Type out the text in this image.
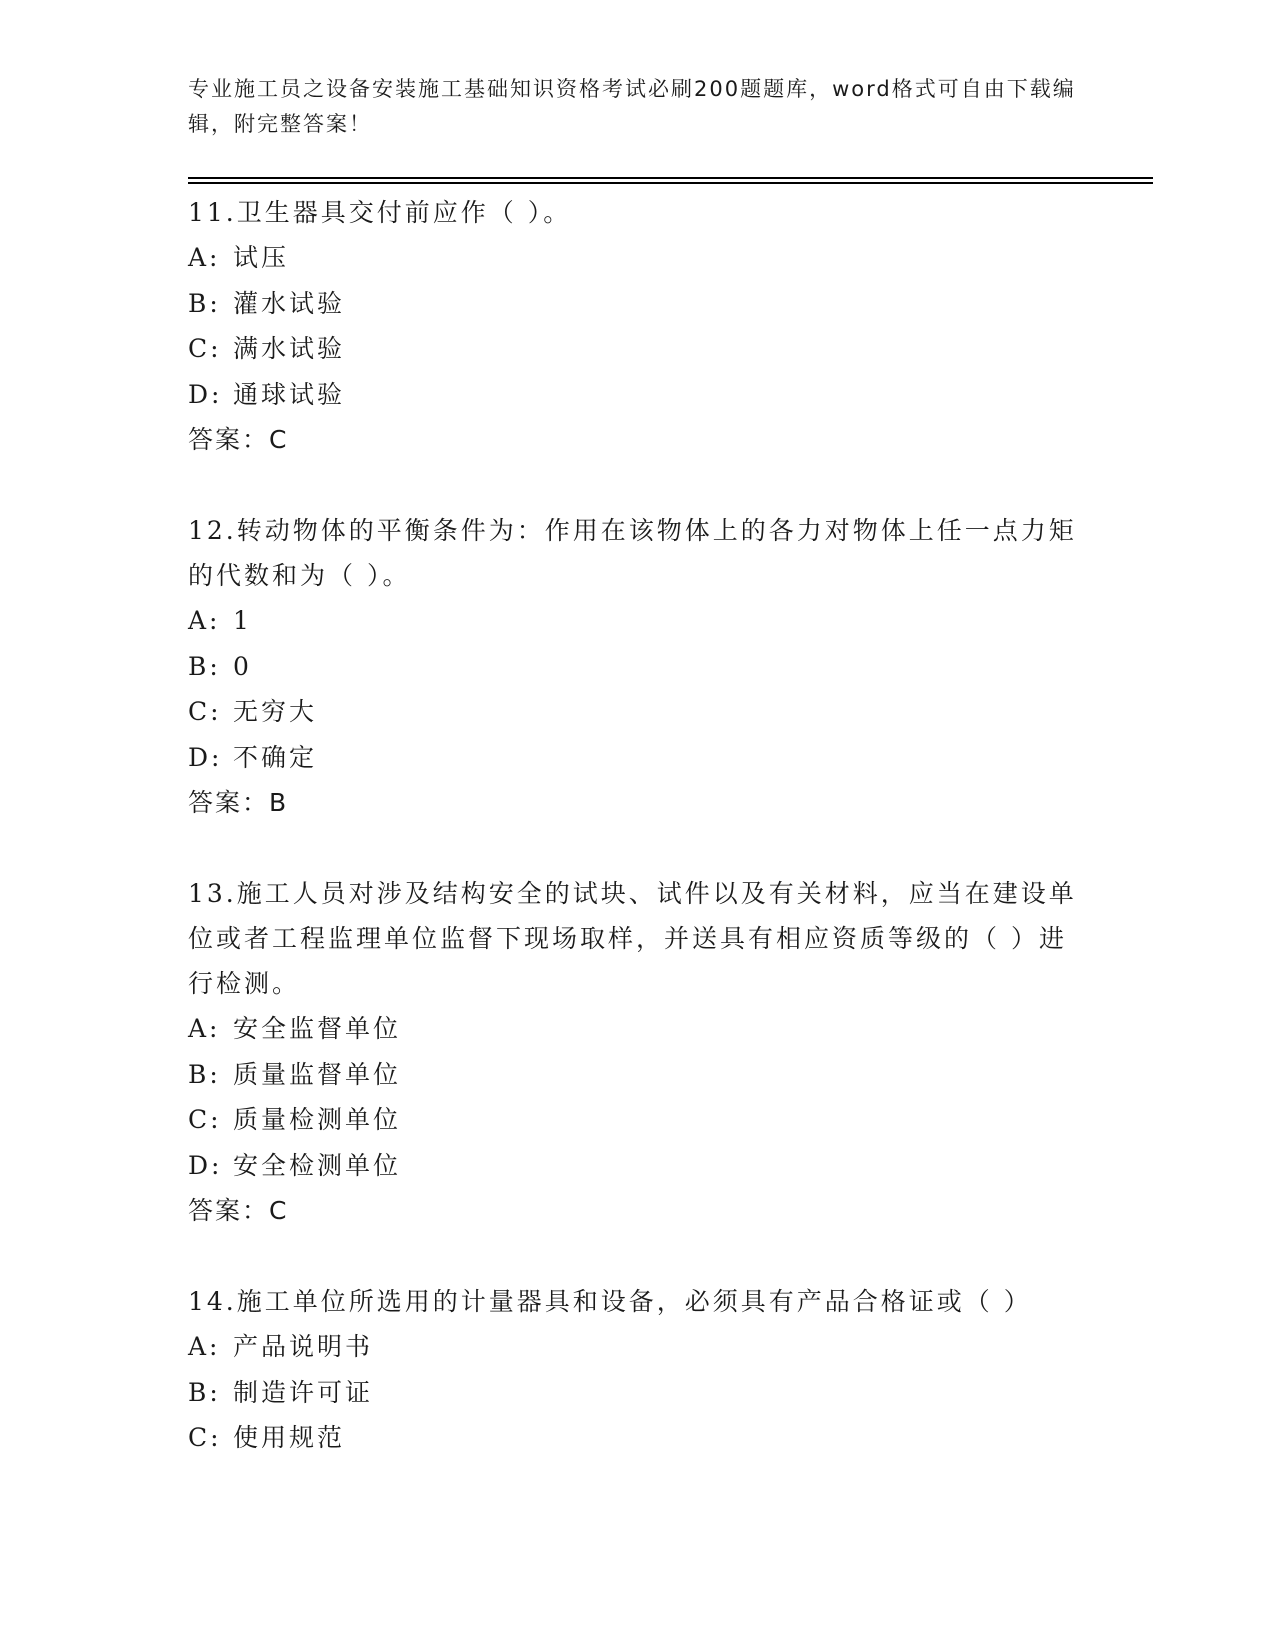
专业施工员之设备安装施工基础知识资格考试必刷200题题库，word格式可自由下载编辑，附完整答案！
11.卫生器具交付前应作（ ）。
A: 试压
B: 灌水试验
C: 满水试验
D: 通球试验
答案：C
12.转动物体的平衡条件为：作用在该物体上的各力对物体上任一点力矩的代数和为（ ）。
A: 1
B: 0
C: 无穷大
D: 不确定
答案：B
13.施工人员对涉及结构安全的试块、试件以及有关材料，应当在建设单位或者工程监理单位监督下现场取样，并送具有相应资质等级的（ ）进行检测。
A: 安全监督单位
B: 质量监督单位
C: 质量检测单位
D: 安全检测单位
答案：C
14.施工单位所选用的计量器具和设备，必须具有产品合格证或（ ）
A: 产品说明书
B: 制造许可证
C: 使用规范
